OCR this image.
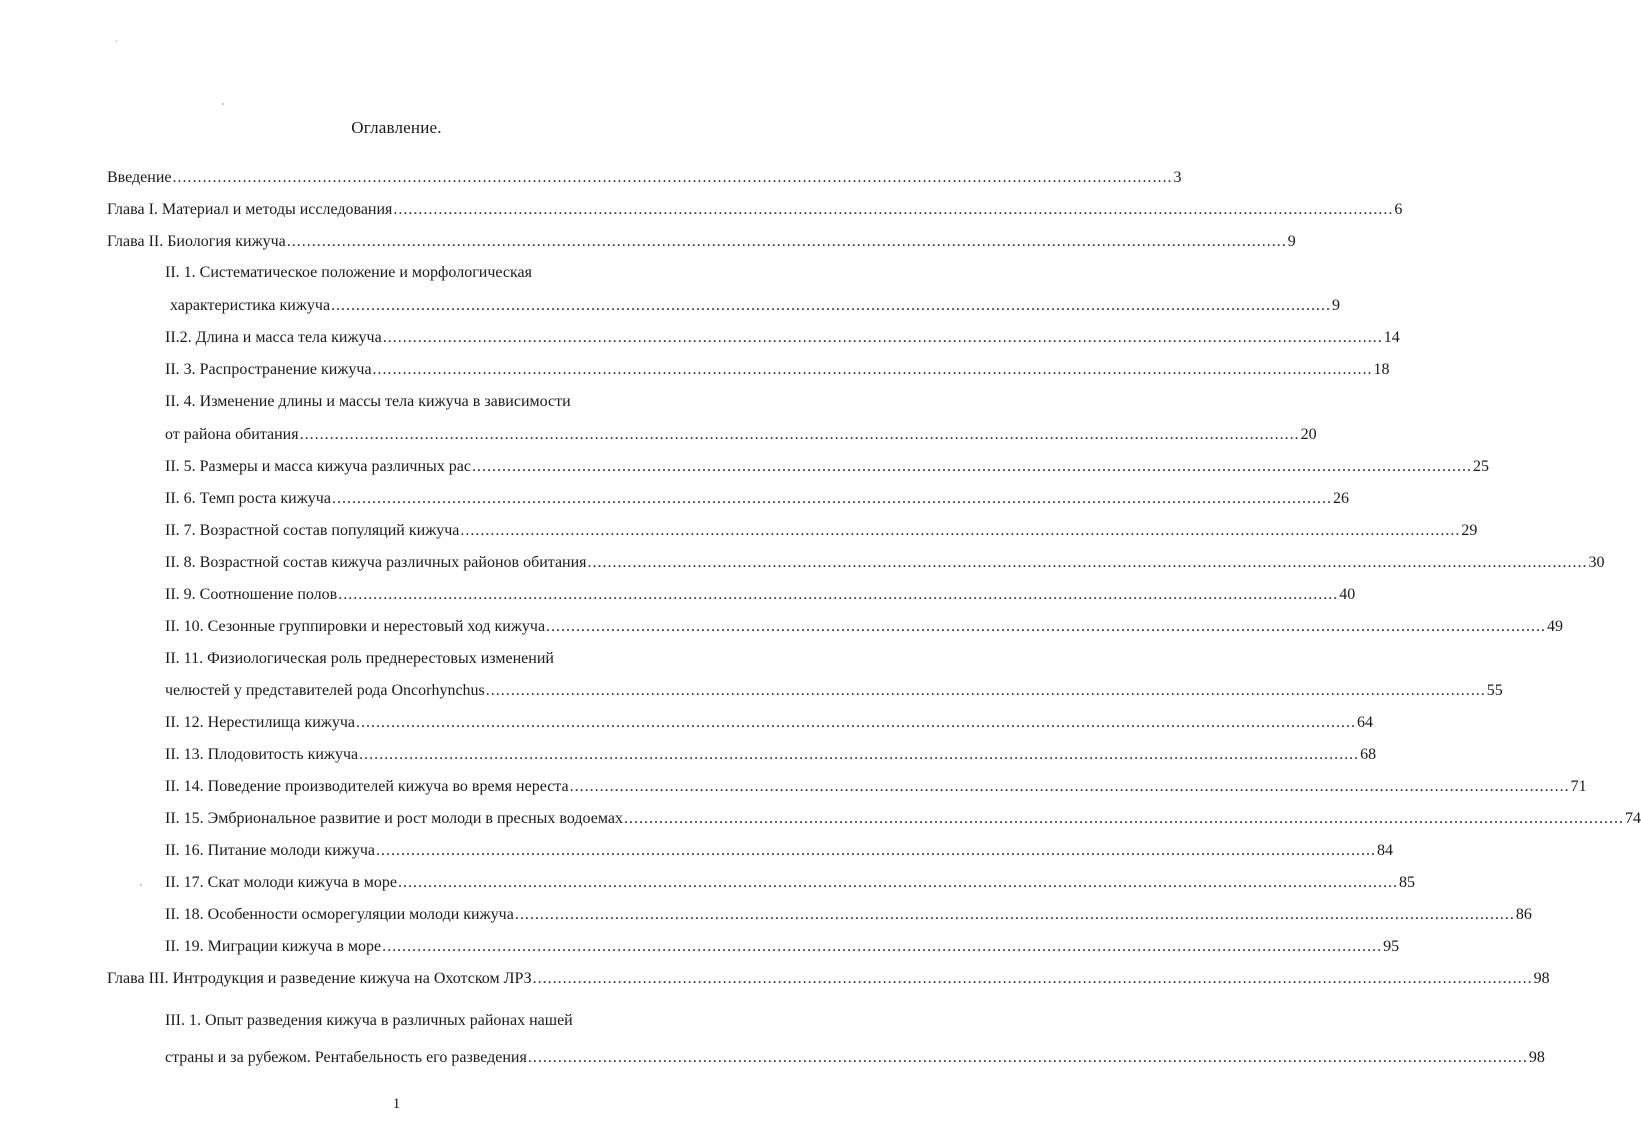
Оглавление.
Введение ........................................................................................................................................................................................................ 3
Глава I. Материал и методы исследования ........................................................................................................................................................................................................ 6
Глава II. Биология кижуча ........................................................................................................................................................................................................ 9
II. 1. Систематическое положение и морфологическая
характеристика кижуча ........................................................................................................................................................................................................ 9
II.2. Длина и масса тела кижуча ........................................................................................................................................................................................................ 14
II. 3. Распространение кижуча ........................................................................................................................................................................................................ 18
II. 4. Изменение длины и массы тела кижуча в зависимости
от района обитания ........................................................................................................................................................................................................ 20
II. 5. Размеры и масса кижуча различных рас ........................................................................................................................................................................................................ 25
II. 6. Темп роста кижуча ........................................................................................................................................................................................................ 26
II. 7. Возрастной состав популяций кижуча ........................................................................................................................................................................................................ 29
II. 8. Возрастной состав кижуча различных районов обитания ........................................................................................................................................................................................................ 30
II. 9. Соотношение полов ........................................................................................................................................................................................................ 40
II. 10. Сезонные группировки и нерестовый ход кижуча ........................................................................................................................................................................................................ 49
II. 11. Физиологическая роль преднерестовых изменений
челюстей у представителей рода Oncorhynchus ........................................................................................................................................................................................................ 55
II. 12. Нерестилища кижуча ........................................................................................................................................................................................................ 64
II. 13. Плодовитость кижуча ........................................................................................................................................................................................................ 68
II. 14. Поведение производителей кижуча во время нереста ........................................................................................................................................................................................................ 71
II. 15. Эмбриональное развитие и рост молоди в пресных водоемах ........................................................................................................................................................................................................ 74
II. 16. Питание молоди кижуча ........................................................................................................................................................................................................ 84
II. 17. Скат молоди кижуча в море ........................................................................................................................................................................................................ 85
II. 18. Особенности осморегуляции молоди кижуча ........................................................................................................................................................................................................ 86
II. 19. Миграции кижуча в море ........................................................................................................................................................................................................ 95
Глава III. Интродукция и разведение кижуча на Охотском ЛРЗ ........................................................................................................................................................................................................ 98
III. 1. Опыт разведения кижуча в различных районах нашей
страны и за рубежом. Рентабельность его разведения ........................................................................................................................................................................................................ 98
1
